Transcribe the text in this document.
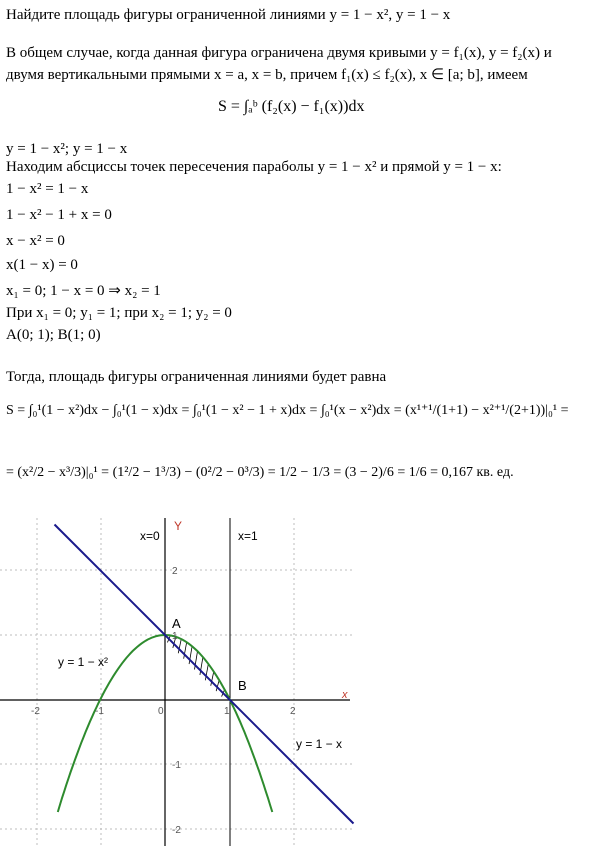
Найдите площадь фигуры ограниченной линиями y = 1 − x², y = 1 − x
В общем случае, когда данная фигура ограничена двумя кривыми y = f₁(x), y = f₂(x) и
двумя вертикальными прямыми x = a, x = b, причем f₁(x) ≤ f₂(x), x ∈ [a; b], имеем
S = ∫ₐᵇ (f₂(x) − f₁(x))dx
y = 1 − x²; y = 1 − x
Находим абсциссы точек пересечения параболы y = 1 − x² и прямой y = 1 − x:
1 − x² = 1 − x
1 − x² − 1 + x = 0
x − x² = 0
x(1 − x) = 0
x₁ = 0; 1 − x = 0 ⇒ x₂ = 1
При x₁ = 0; y₁ = 1; при x₂ = 1; y₂ = 0
A(0; 1); B(1; 0)
Тогда, площадь фигуры ограниченная линиями будет равна
S = ∫₀¹(1 − x²)dx − ∫₀¹(1 − x)dx = ∫₀¹(1 − x² − 1 + x)dx = ∫₀¹(x − x²)dx = (x¹⁺¹/(1+1) − x²⁺¹/(2+1))|₀¹ =
= (x²/2 − x³/3)|₀¹ = (1²/2 − 1³/3) − (0²/2 − 0³/3) = 1/2 − 1/3 = (3 − 2)/6 = 1/6 = 0,167 кв. ед.
x=0	x=1
Y
x
A
B
y = 1 − x²
y = 1 − x
-2	-1	0	1	2
2
1
-1
-2
